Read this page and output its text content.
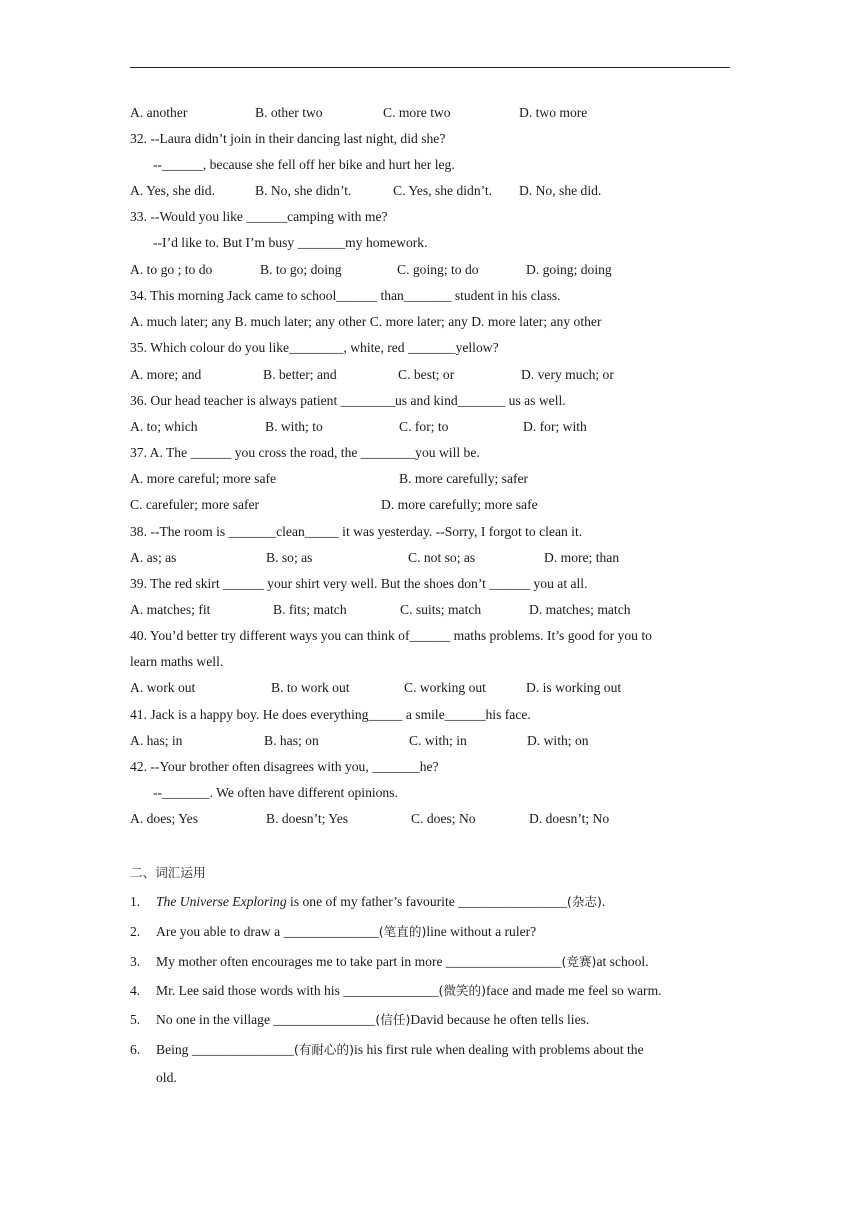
A. another	B. other two	C. more two	D. two more
32. --Laura didn’t join in their dancing last night, did she?
--______, because she fell off her bike and hurt her leg.
A. Yes, she did.	B. No, she didn’t.	C. Yes, she didn’t. D. No, she did.
33. --Would you like ______camping with me?
--I’d like to. But I’m busy _______my homework.
A. to go ; to do	B. to go; doing	C. going; to do	D. going; doing
34. This morning Jack came to school______ than_______ student in his class.
A. much later; any B. much later; any other C. more later; any D. more later; any other
35. Which colour do you like________, white, red _______yellow?
A. more; and	B. better; and	C. best; or	D. very much; or
36. Our head teacher is always patient ________us and kind_______ us as well.
A. to; which	B. with; to	C. for; to	D. for; with
37. A. The ______ you cross the road, the ________you will be.
A. more careful; more safe	B. more carefully; safer
C. carefuler; more safer	D. more carefully; more safe
38. --The room is _______clean_____ it was yesterday. --Sorry, I forgot to clean it.
A. as; as	B. so; as	C. not so; as	D. more; than
39. The red skirt ______ your shirt very well. But the shoes don’t ______ you at all.
A. matches; fit	B. fits; match	C. suits; match	D. matches; match
40. You’d better try different ways you can think of______ maths problems. It’s good for you to
learn maths well.
A. work out	B. to work out	C. working out	D. is working out
41. Jack is a happy boy. He does everything_____ a smile______his face.
A. has; in	B. has; on	C. with; in	D. with; on
42. --Your brother often disagrees with you, _______he?
--_______. We often have different opinions.
A. does; Yes	B. doesn’t; Yes	C. does; No	D. doesn’t; No
二、词汇运用
1. The Universe Exploring is one of my father’s favourite ________________(杂志).
2. Are you able to draw a ______________(笔直的)line without a ruler?
3. My mother often encourages me to take part in more _________________(竞赛)at school.
4. Mr. Lee said those words with his ______________(微笑的)face and made me feel so warm.
5. No one in the village _______________(信任)David because he often tells lies.
6. Being _______________(有耐心的)is his first rule when dealing with problems about the
old.
